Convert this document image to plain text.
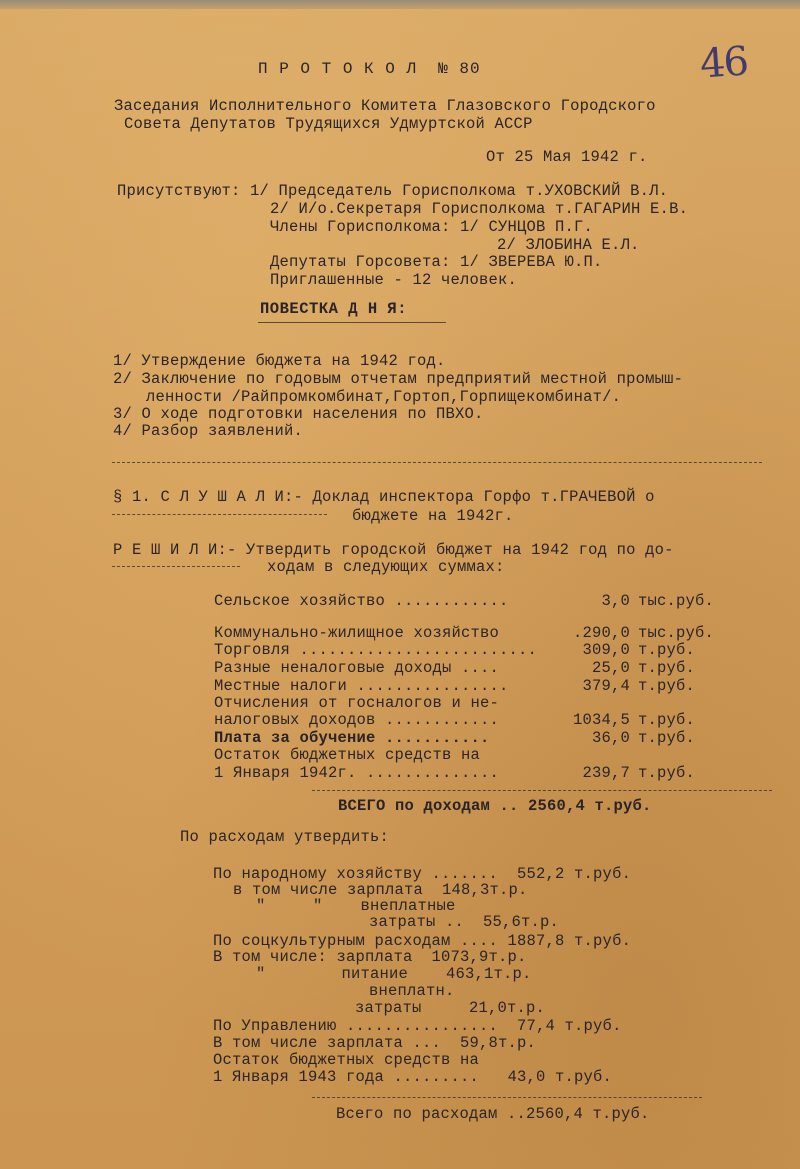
46
П Р О Т О К О Л  № 80
Заседания Исполнительного Комитета Глазовского Городского
Совета Депутатов Трудящихся Удмуртской АССР
От 25 Мая 1942 г.
Присутствуют: 1/ Председатель Горисполкома т.УХОВСКИЙ В.Л.
2/ И/о.Секретаря Горисполкома т.ГАГАРИН Е.В.
Члены Горисполкома: 1/ СУНЦОВ П.Г.
2/ ЗЛОБИНА Е.Л.
Депутаты Горсовета: 1/ ЗВЕРЕВА Ю.П.
Приглашенные - 12 человек.
ПОВЕСТКА Д Н Я:
1/ Утверждение бюджета на 1942 год.
2/ Заключение по годовым отчетам предприятий местной промыш-
ленности /Райпромкомбинат,Гортоп,Горпищекомбинат/.
3/ О ходе подготовки населения по ПВХО.
4/ Разбор заявлений.
§ 1. С Л У Ш А Л И:- Доклад инспектора Горфо т.ГРАЧЕВОЙ о
бюджете на 1942г.
Р Е Ш И Л И:- Утвердить городской бюджет на 1942 год по до-
ходам в следующих суммах:
Сельское хозяйство ............	3,0 тыс.руб.
Коммунально-жилищное хозяйство	.290,0 тыс.руб.
Торговля .........................	309,0 т.руб.
Разные неналоговые доходы ....	25,0 т.руб.
Местные налоги ................	379,4 т.руб.
Отчисления от госналогов и не-
налоговых доходов ............	1034,5 т.руб.
Плата за обучение ...........	36,0 т.руб.
Остаток бюджетных средств на
1 Января 1942г. ..............	239,7 т.руб.
ВСЕГО по доходам .. 2560,4 т.руб.
По расходам утвердить:
По народному хозяйству .......  552,2 т.руб.
в том числе зарплата  148,3т.р.
"     "    внеплатные
затраты ..  55,6т.р.
По соцкультурным расходам .... 1887,8 т.руб.
В том числе: зарплата  1073,9т.р.
"        питание    463,1т.р.
внеплатн.
затраты     21,0т.р.
По Управлению ................  77,4 т.руб.
В том числе зарплата ...  59,8т.р.
Остаток бюджетных средств на
1 Января 1943 года .........   43,0 т.руб.
Всего по расходам ..2560,4 т.руб.
